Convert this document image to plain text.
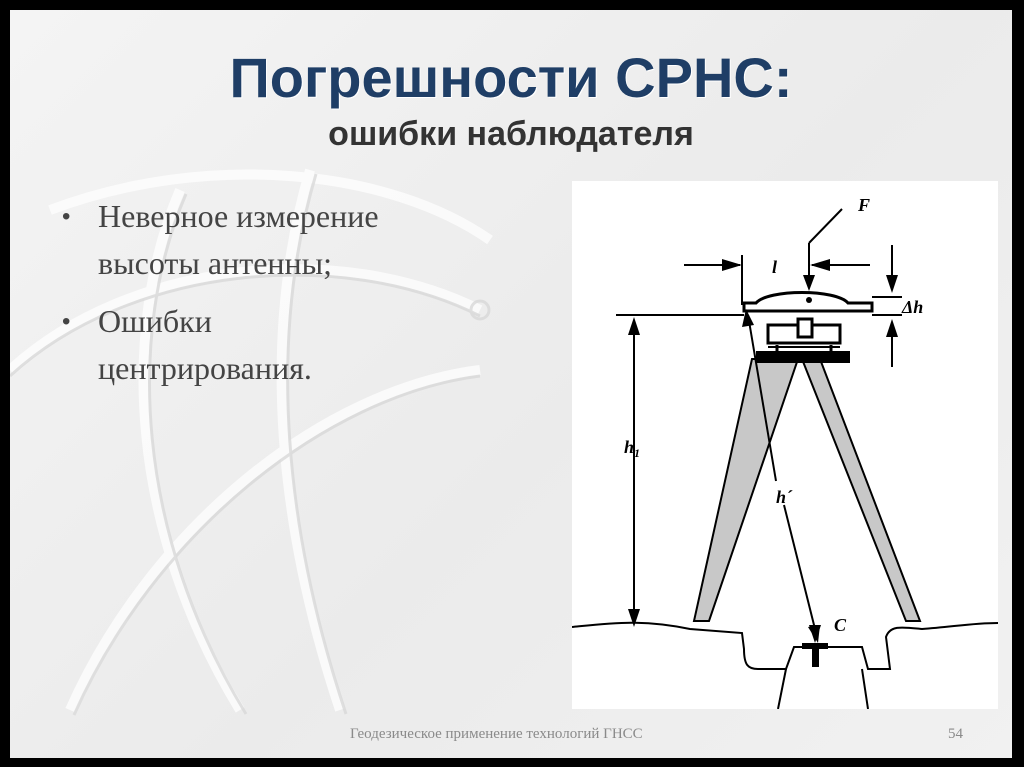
Погрешности СРНС:
ошибки наблюдателя
• Неверное измерение
высоты антенны;
• Ошибки
центрирования.
$h_1$
l
F
Δh
h´
C
Геодезическое применение технологий ГНСС	54
